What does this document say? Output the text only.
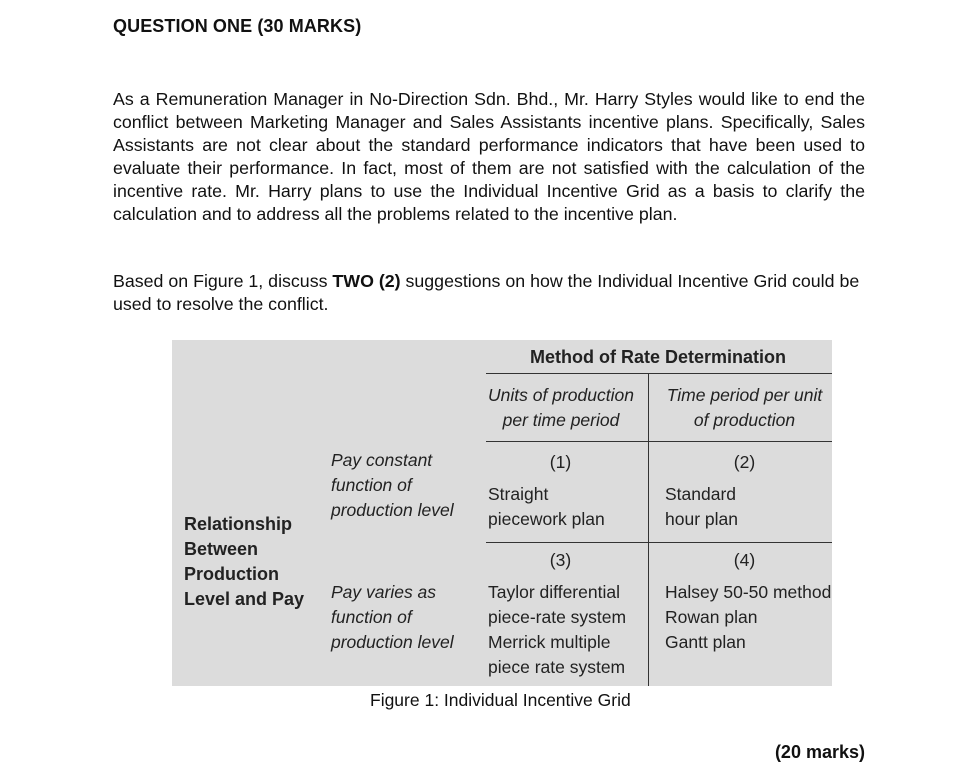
QUESTION ONE (30 MARKS)

As a Remuneration Manager in No-Direction Sdn. Bhd., Mr. Harry Styles would like to end the conflict between Marketing Manager and Sales Assistants incentive plans. Specifically, Sales Assistants are not clear about the standard performance indicators that have been used to evaluate their performance. In fact, most of them are not satisfied with the calculation of the incentive rate. Mr. Harry plans to use the Individual Incentive Grid as a basis to clarify the calculation and to address all the problems related to the incentive plan.

Based on Figure 1, discuss TWO (2) suggestions on how the Individual Incentive Grid could be used to resolve the conflict.

Method of Rate Determination
Units of production
per time period
Time period per unit
of production
Relationship
Between
Production
Level and Pay
Pay constant
function of
production level
Pay varies as
function of
production level
(1)	(2)
(3)	(4)
Straight
piecework plan
Standard
hour plan
Taylor differential
piece-rate system
Merrick multiple
piece rate system
Halsey 50-50 method
Rowan plan
Gantt plan
Figure 1: Individual Incentive Grid
(20 marks)
